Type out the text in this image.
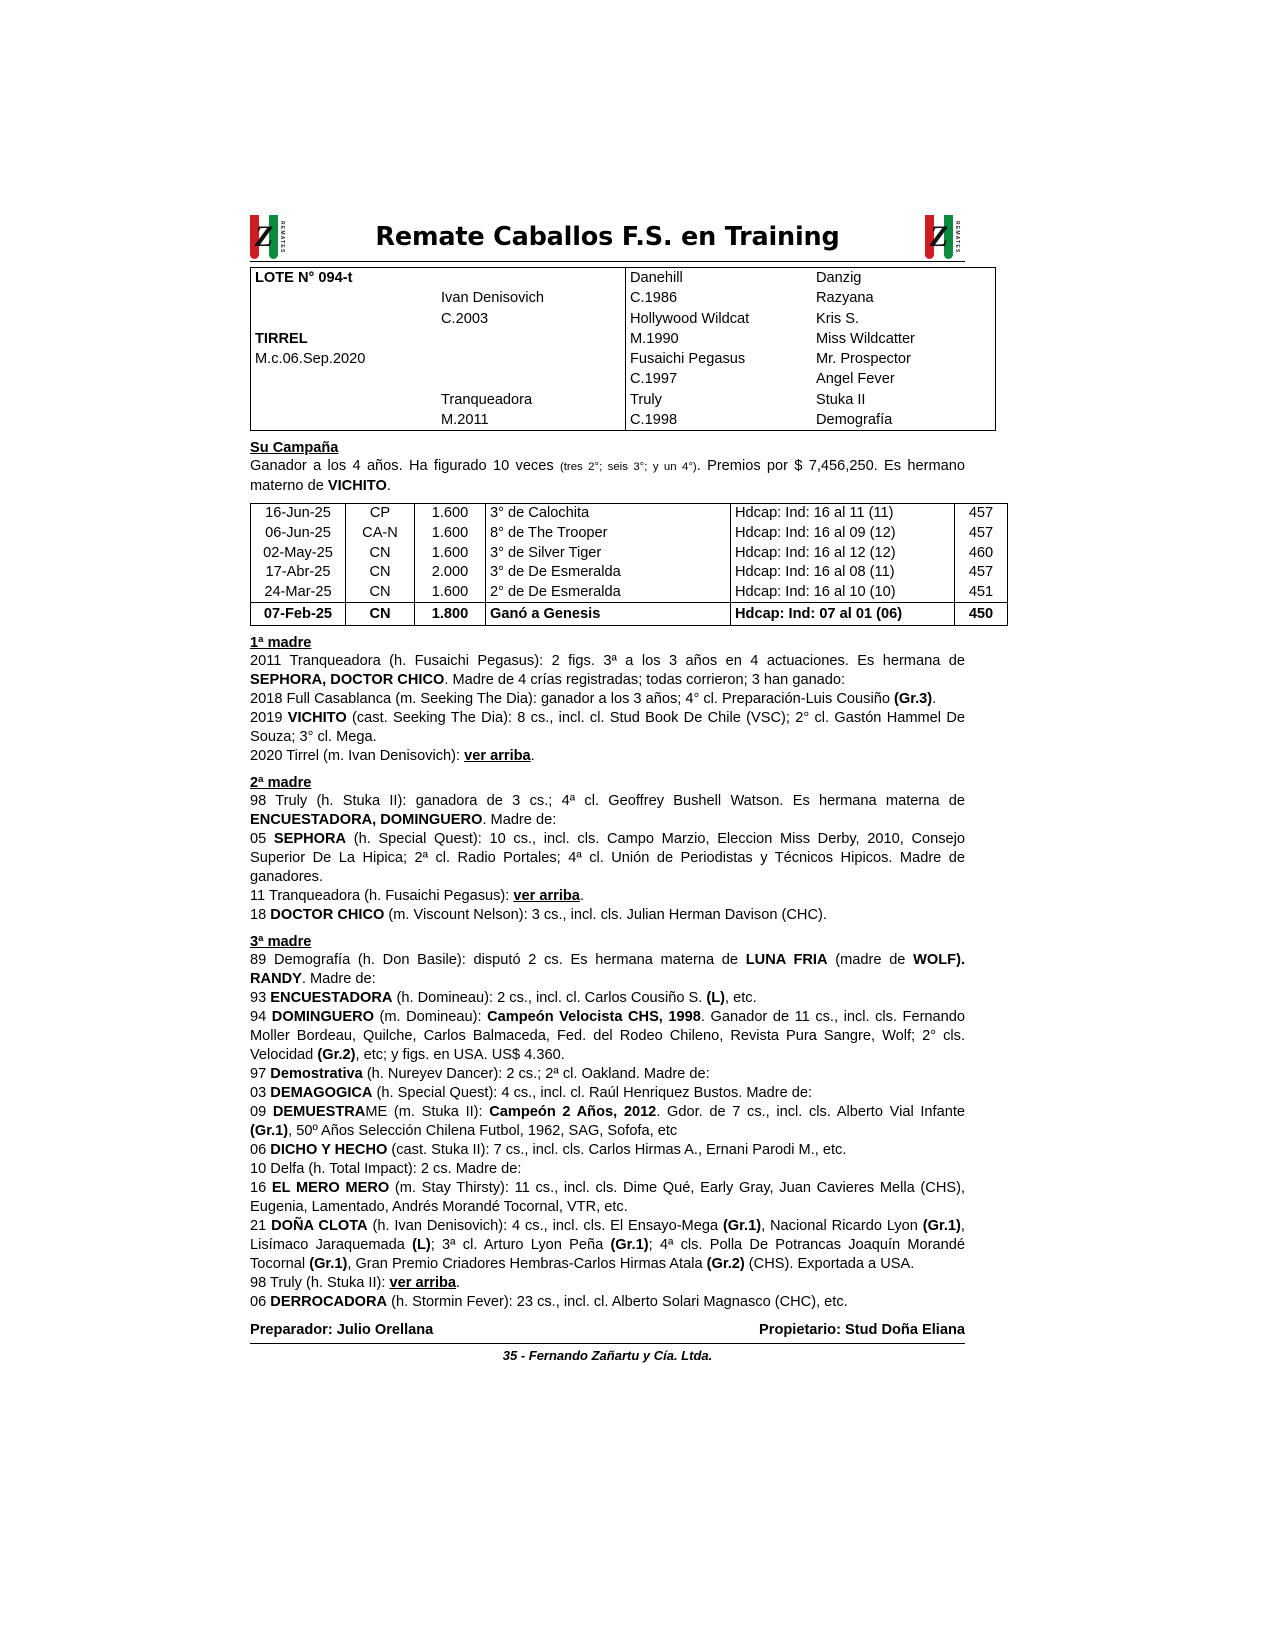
Z	REMATES	Remate Caballos F.S. en Training	Z	REMATES
LOTE N° 094-t		Danehill	Danzig
	Ivan Denisovich	C.1986	Razyana
	C.2003	Hollywood Wildcat	Kris S.
TIRREL		M.1990	Miss Wildcatter
M.c.06.Sep.2020		Fusaichi Pegasus	Mr. Prospector
		C.1997	Angel Fever
	Tranqueadora	Truly	Stuka II
	M.2011	C.1998	Demografía
Su Campaña

Ganador a los 4 años. Ha figurado 10 veces (tres 2°; seis 3°; y un 4°). Premios por $ 7,456,250. Es hermano materno de VICHITO.

16-Jun-25	CP	1.600	3° de Calochita	Hdcap: Ind: 16 al 11 (11)	457
06-Jun-25	CA-N	1.600	8° de The Trooper	Hdcap: Ind: 16 al 09 (12)	457
02-May-25	CN	1.600	3° de Silver Tiger	Hdcap: Ind: 16 al 12 (12)	460
17-Abr-25	CN	2.000	3° de De Esmeralda	Hdcap: Ind: 16 al 08 (11)	457
24-Mar-25	CN	1.600	2° de De Esmeralda	Hdcap: Ind: 16 al 10 (10)	451
07-Feb-25	CN	1.800	Ganó a Genesis	Hdcap: Ind: 07 al 01 (06)	450
1ª madre

2011 Tranqueadora (h. Fusaichi Pegasus): 2 figs. 3ª a los 3 años en 4 actuaciones. Es hermana de SEPHORA, DOCTOR CHICO. Madre de 4 crías registradas; todas corrieron; 3 han ganado:

2018 Full Casablanca (m. Seeking The Dia): ganador a los 3 años; 4° cl. Preparación-Luis Cousiño (Gr.3).

2019 VICHITO (cast. Seeking The Dia): 8 cs., incl. cl. Stud Book De Chile (VSC); 2° cl. Gastón Hammel De Souza; 3° cl. Mega.

2020 Tirrel (m. Ivan Denisovich): ver arriba.

2ª madre

98 Truly (h. Stuka II): ganadora de 3 cs.; 4ª cl. Geoffrey Bushell Watson. Es hermana materna de ENCUESTADORA, DOMINGUERO. Madre de:

05 SEPHORA (h. Special Quest): 10 cs., incl. cls. Campo Marzio, Eleccion Miss Derby, 2010, Consejo Superior De La Hipica; 2ª cl. Radio Portales; 4ª cl. Unión de Periodistas y Técnicos Hipicos. Madre de ganadores.

11 Tranqueadora (h. Fusaichi Pegasus): ver arriba.

18 DOCTOR CHICO (m. Viscount Nelson): 3 cs., incl. cls. Julian Herman Davison (CHC).

3ª madre

89 Demografía (h. Don Basile): disputó 2 cs. Es hermana materna de LUNA FRIA (madre de WOLF). RANDY. Madre de:

93 ENCUESTADORA (h. Domineau): 2 cs., incl. cl. Carlos Cousiño S. (L), etc.

94 DOMINGUERO (m. Domineau): Campeón Velocista CHS, 1998. Ganador de 11 cs., incl. cls. Fernando Moller Bordeau, Quilche, Carlos Balmaceda, Fed. del Rodeo Chileno, Revista Pura Sangre, Wolf; 2° cls. Velocidad (Gr.2), etc; y figs. en USA. US$ 4.360.

97 Demostrativa (h. Nureyev Dancer): 2 cs.; 2ª cl. Oakland. Madre de:

03 DEMAGOGICA (h. Special Quest): 4 cs., incl. cl. Raúl Henriquez Bustos. Madre de:

09 DEMUESTRAME (m. Stuka II): Campeón 2 Años, 2012. Gdor. de 7 cs., incl. cls. Alberto Vial Infante (Gr.1), 50º Años Selección Chilena Futbol, 1962, SAG, Sofofa, etc

06 DICHO Y HECHO (cast. Stuka II): 7 cs., incl. cls. Carlos Hirmas A., Ernani Parodi M., etc.

10 Delfa (h. Total Impact): 2 cs. Madre de:

16 EL MERO MERO (m. Stay Thirsty): 11 cs., incl. cls. Dime Qué, Early Gray, Juan Cavieres Mella (CHS), Eugenia, Lamentado, Andrés Morandé Tocornal, VTR, etc.

21 DOÑA CLOTA (h. Ivan Denisovich): 4 cs., incl. cls. El Ensayo-Mega (Gr.1), Nacional Ricardo Lyon (Gr.1), Lisímaco Jaraquemada (L); 3ª cl. Arturo Lyon Peña (Gr.1); 4ª cls. Polla De Potrancas Joaquín Morandé Tocornal (Gr.1), Gran Premio Criadores Hembras-Carlos Hirmas Atala (Gr.2) (CHS). Exportada a USA.

98 Truly (h. Stuka II): ver arriba.

06 DERROCADORA (h. Stormin Fever): 23 cs., incl. cl. Alberto Solari Magnasco (CHC), etc.

Preparador: Julio Orellana	Propietario: Stud Doña Eliana
35 - Fernando Zañartu y Cía. Ltda.
